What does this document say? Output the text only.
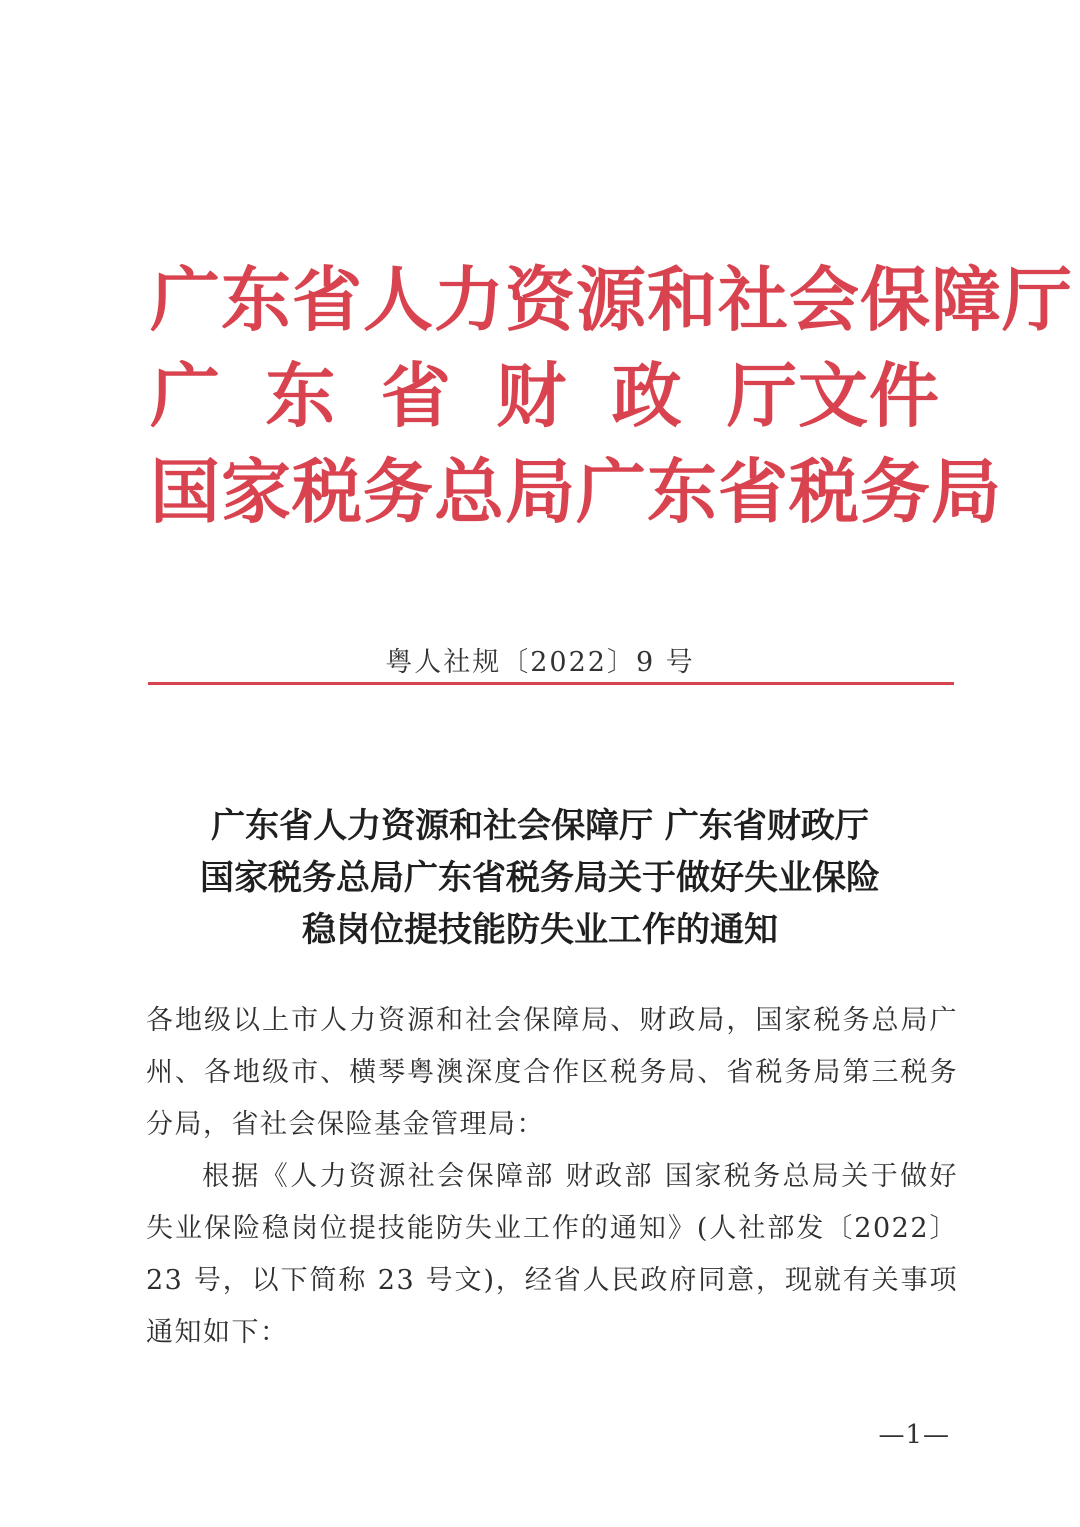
广东省人力资源和社会保障厅
广 东 省 财 政 厅文件
国家税务总局广东省税务局
粤人社规〔2022〕9 号
广东省人力资源和社会保障厅 广东省财政厅
国家税务总局广东省税务局关于做好失业保险
稳岗位提技能防失业工作的通知

各地级以上市人力资源和社会保障局、财政局，国家税务总局广州、各地级市、横琴粤澳深度合作区税务局、省税务局第三税务分局，省社会保险基金管理局：

根据《人力资源社会保障部 财政部 国家税务总局关于做好失业保险稳岗位提技能防失业工作的通知》(人社部发〔2022〕23 号，以下简称 23 号文)，经省人民政府同意，现就有关事项通知如下：

—1—
